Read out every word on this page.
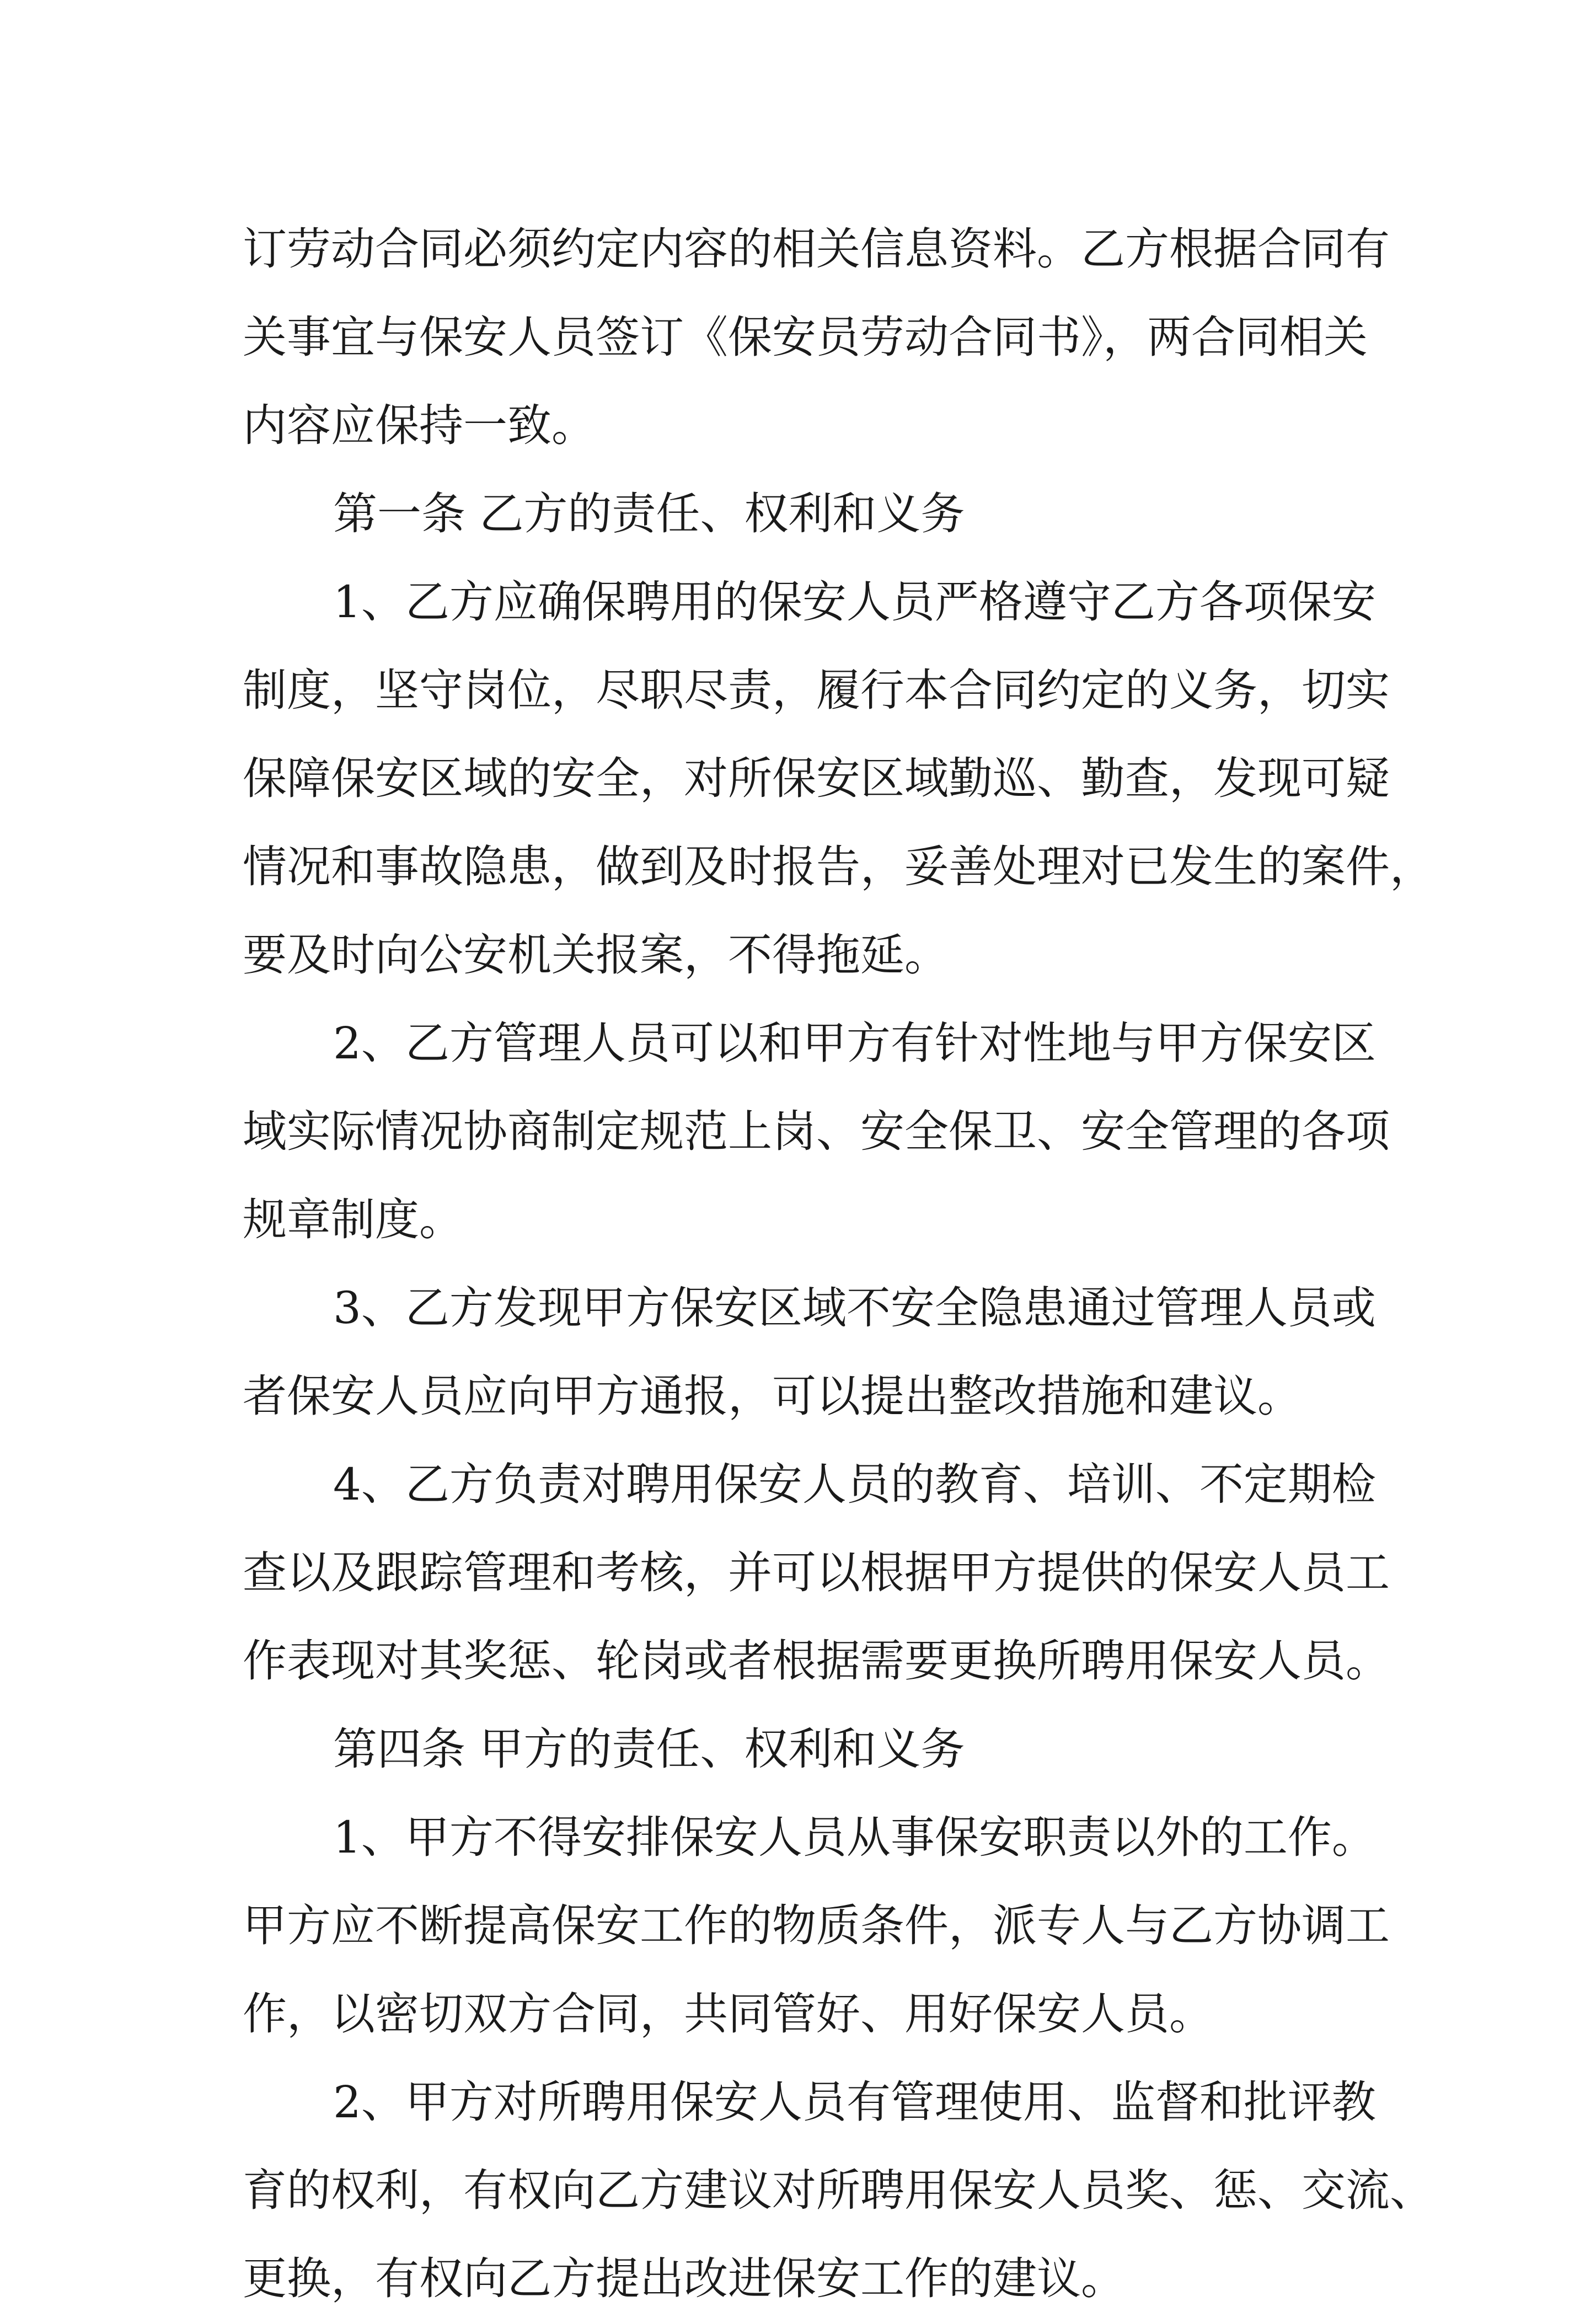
订劳动合同必须约定内容的相关信息资料。乙方根据合同有
关事宜与保安人员签订《保安员劳动合同书》，两合同相关
内容应保持一致。
第一条 乙方的责任、权利和义务
1、乙方应确保聘用的保安人员严格遵守乙方各项保安
制度，坚守岗位，尽职尽责，履行本合同约定的义务，切实
保障保安区域的安全，对所保安区域勤巡、勤查，发现可疑
情况和事故隐患，做到及时报告，妥善处理对已发生的案件，
要及时向公安机关报案，不得拖延。
2、乙方管理人员可以和甲方有针对性地与甲方保安区
域实际情况协商制定规范上岗、安全保卫、安全管理的各项
规章制度。
3、乙方发现甲方保安区域不安全隐患通过管理人员或
者保安人员应向甲方通报，可以提出整改措施和建议。
4、乙方负责对聘用保安人员的教育、培训、不定期检
查以及跟踪管理和考核，并可以根据甲方提供的保安人员工
作表现对其奖惩、轮岗或者根据需要更换所聘用保安人员。
第四条 甲方的责任、权利和义务
1、甲方不得安排保安人员从事保安职责以外的工作。
甲方应不断提高保安工作的物质条件，派专人与乙方协调工
作，以密切双方合同，共同管好、用好保安人员。
2、甲方对所聘用保安人员有管理使用、监督和批评教
育的权利，有权向乙方建议对所聘用保安人员奖、惩、交流、
更换，有权向乙方提出改进保安工作的建议。
